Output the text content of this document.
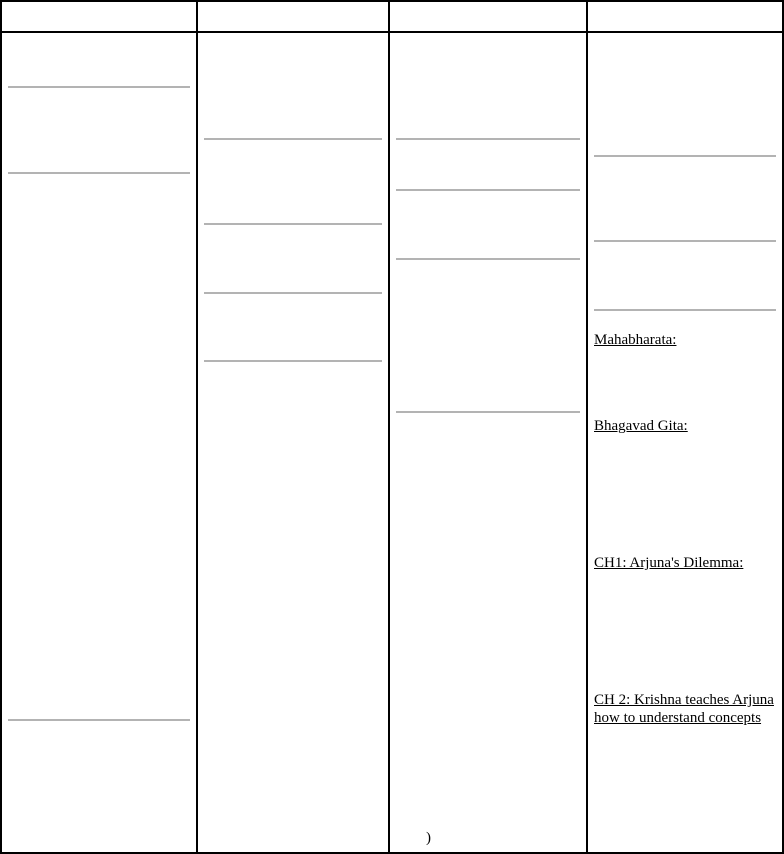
Mahabharata:
Bhagavad Gita:
CH1: Arjuna's Dilemma:
CH 2: Krishna teaches Arjuna
how to understand concepts
)
